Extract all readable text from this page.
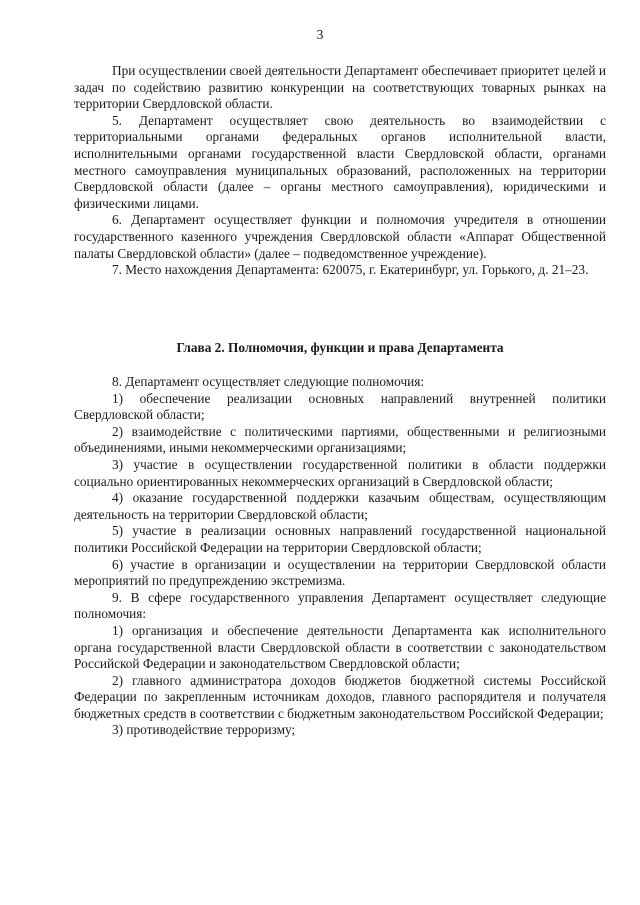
3

При осуществлении своей деятельности Департамент обеспечивает приоритет целей и задач по содействию развитию конкуренции на соответствующих товарных рынках на территории Свердловской области.

5. Департамент осуществляет свою деятельность во взаимодействии с территориальными органами федеральных органов исполнительной власти, исполнительными органами государственной власти Свердловской области, органами местного самоуправления муниципальных образований, расположенных на территории Свердловской области (далее – органы местного самоуправления), юридическими и физическими лицами.

6. Департамент осуществляет функции и полномочия учредителя в отношении государственного казенного учреждения Свердловской области «Аппарат Общественной палаты Свердловской области» (далее – подведомственное учреждение).

7. Место нахождения Департамента: 620075, г. Екатеринбург, ул. Горького, д. 21–23.

Глава 2. Полномочия, функции и права Департамента

8. Департамент осуществляет следующие полномочия:

1) обеспечение реализации основных направлений внутренней политики Свердловской области;

2) взаимодействие с политическими партиями, общественными и религиозными объединениями, иными некоммерческими организациями;

3) участие в осуществлении государственной политики в области поддержки социально ориентированных некоммерческих организаций в Свердловской области;

4) оказание государственной поддержки казачьим обществам, осуществляющим деятельность на территории Свердловской области;

5) участие в реализации основных направлений государственной национальной политики Российской Федерации на территории Свердловской области;

6) участие в организации и осуществлении на территории Свердловской области мероприятий по предупреждению экстремизма.

9. В сфере государственного управления Департамент осуществляет следующие полномочия:

1) организация и обеспечение деятельности Департамента как исполнительного органа государственной власти Свердловской области в соответствии с законодательством Российской Федерации и законодательством Свердловской области;

2) главного администратора доходов бюджетов бюджетной системы Российской Федерации по закрепленным источникам доходов, главного распорядителя и получателя бюджетных средств в соответствии с бюджетным законодательством Российской Федерации;

3) противодействие терроризму;
